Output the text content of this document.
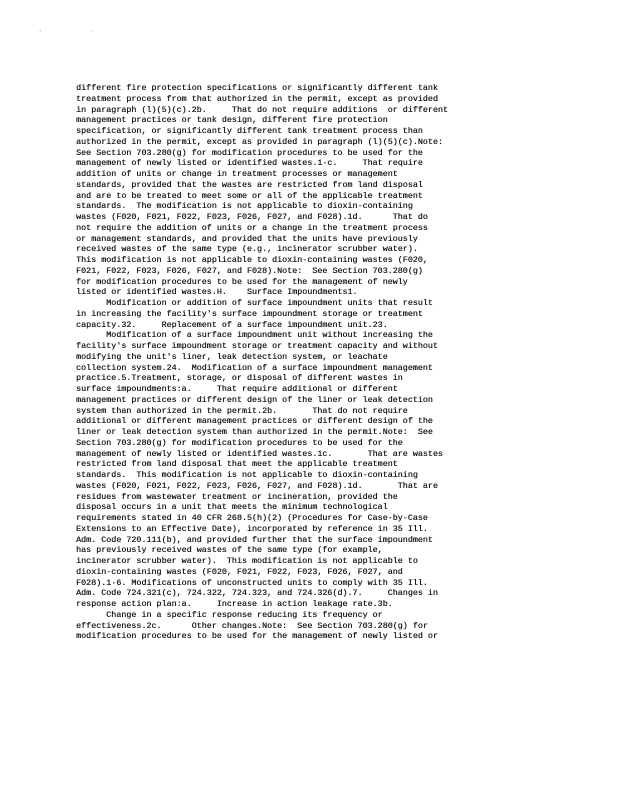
¸ ¸
different fire protection specifications or significantly different tank
treatment process from that authorized in the permit, except as provided
in paragraph (l)(5)(c).2b.     That do not require additions  or different
management practices or tank design, different fire protection
specification, or significantly different tank treatment process than
authorized in the permit, except as provided in paragraph (l)(5)(c).Note:
See Section 703.280(g) for modification procedures to be used for the
management of newly listed or identified wastes.1·c.     That require
addition of units or change in treatment processes or management
standards, provided that the wastes are restricted from land disposal
and are to be treated to meet some or all of the applicable treatment
standards.  The modification is not applicable to dioxin-containing
wastes (F020, F021, F022, F023, F026, F027, and F028).1d.      That do
not require the addition of units or a change in the treatment process
or management standards, and provided that the units have previously
received wastes of the same type (e.g., incinerator scrubber water).
This modification is not applicable to dioxin-containing wastes (F020,
F021, F022, F023, F026, F027, and F028).Note:  See Section 703.280(g)
for modification procedures to be used for the management of newly
listed or identified wastes.H.    Surface Impoundments1.
Modification or addition of surface impoundment units that result
in increasing the facility's surface impoundment storage or treatment
capacity.32.     Replacement of a surface impoundment unit.23.
Modification of a surface impoundment unit without increasing the
facility's surface impoundment storage or treatment capacity and without
modifying the unit's liner, leak detection system, or leachate
collection system.24.  Modification of a surface impoundment management
practice.5.Treatment, storage, or disposal of different wastes in
surface impoundments:a.     That require additional or different
management practices or different design of the liner or leak detection
system than authorized in the permit.2b.       That do not require
additional or different management practices or different design of the
liner or leak detection system than authorized in the permit.Note:  See
Section 703.280(g) for modification procedures to be used for the
management of newly listed or identified wastes.1c.       That are wastes
restricted from land disposal that meet the applicable treatment
standards.  This modification is not applicable to dioxin-containing
wastes (F020, F021, F022, F023, F026, F027, and F028).1d.       That are
residues from wastewater treatment or incineration, provided the
disposal occurs in a unit that meets the minimum technological
requirements stated in 40 CFR 268.5(h)(2) (Procedures for Case-by-Case
Extensions to an Effective Date), incorporated by reference in 35 Ill.
Adm. Code 720.111(b), and provided further that the surface impoundment
has previously received wastes of the same type (for example,
incinerator scrubber water).  This modification is not applicable to
dioxin-containing wastes (F020, F021, F022, F023, F026, F027, and
F028).1·6. Modifications of unconstructed units to comply with 35 Ill.
Adm. Code 724.321(c), 724.322, 724.323, and 724.326(d).7.     Changes in
response action plan:a.     Increase in action leakage rate.3b.
Change in a specific response reducing its frequency or
effectiveness.2c.      Other changes.Note:  See Section 703.280(g) for
modification procedures to be used for the management of newly listed or
